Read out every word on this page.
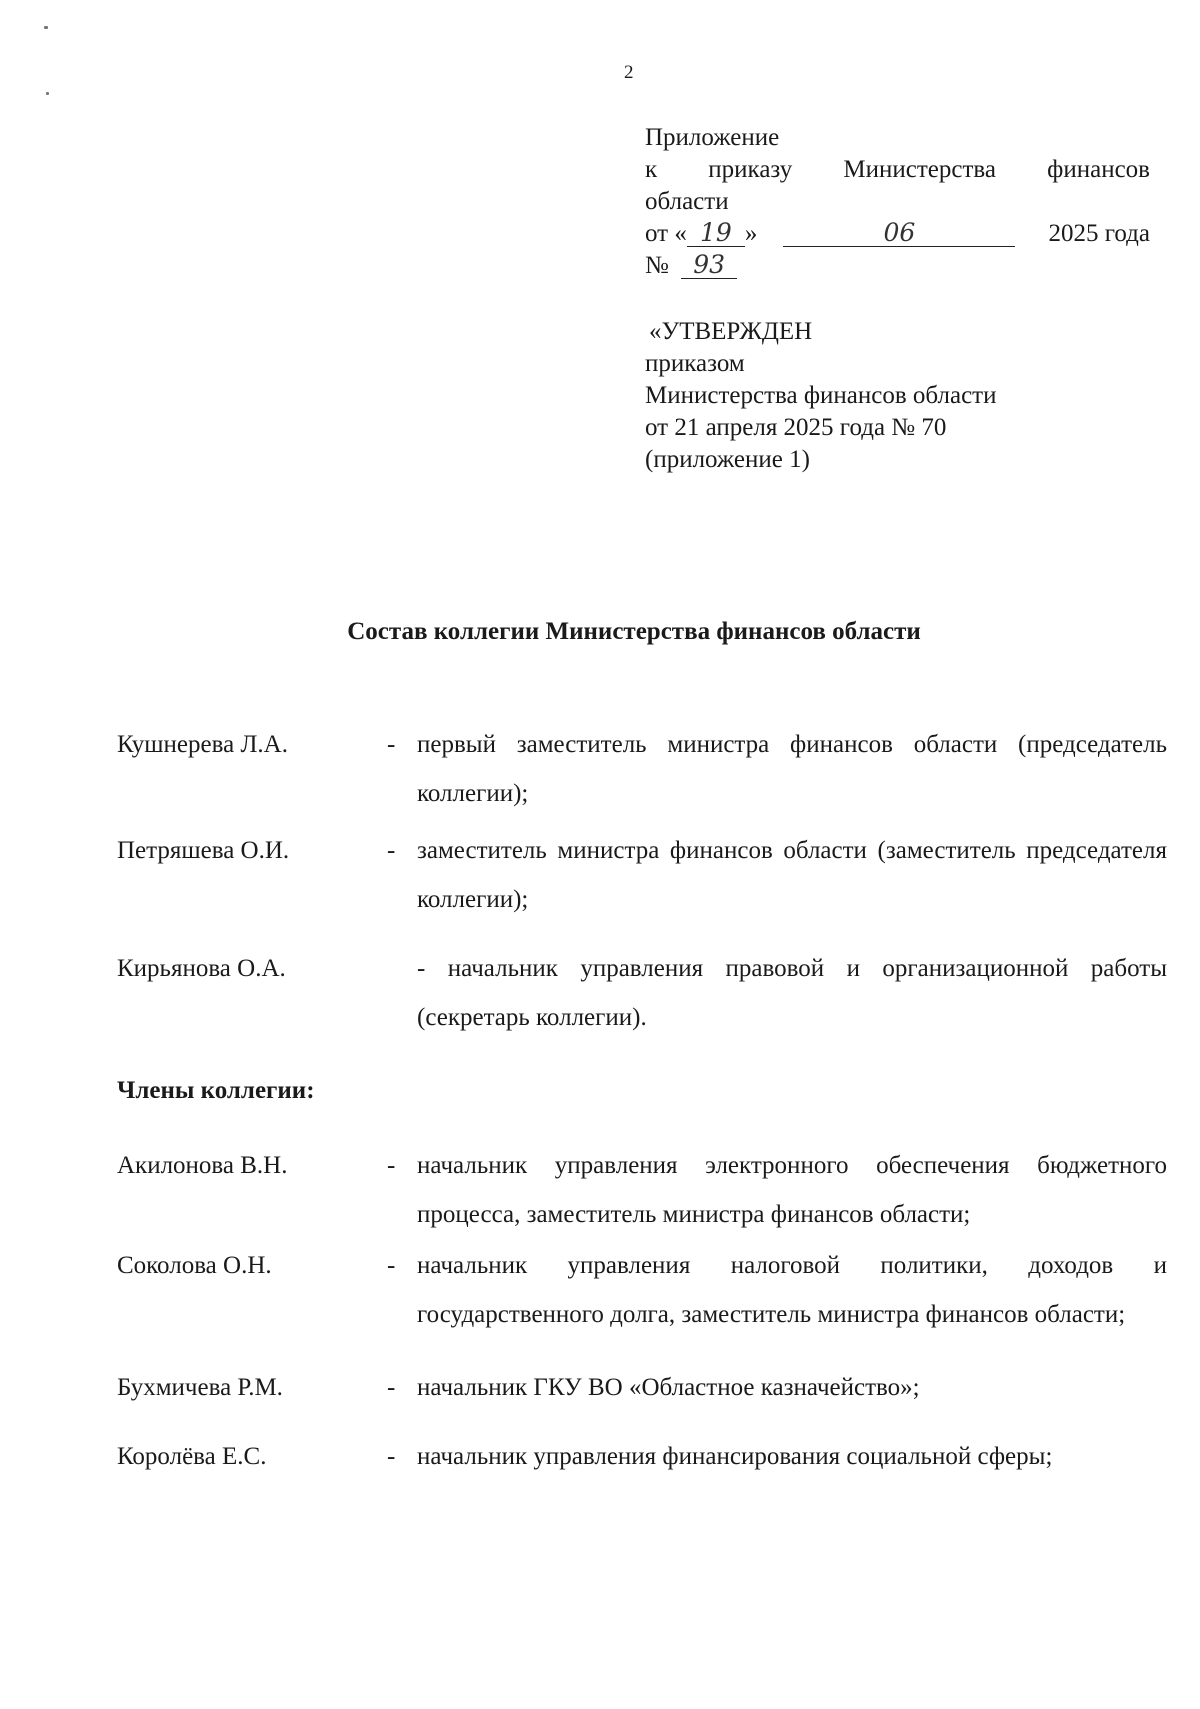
2
Приложение
к приказу Министерства финансов
области
от « 19 »	06	2025 года
№ 93
«УТВЕРЖДЕН
приказом
Министерства финансов области
от 21 апреля 2025 года № 70
(приложение 1)
Состав коллегии Министерства финансов области
Кушнерева Л.А.	- первый заместитель министра финансов области (председатель коллегии);
Петряшева О.И.	- заместитель министра финансов области (заместитель председателя коллегии);
Кирьянова О.А.	- начальник управления правовой и организационной работы (секретарь коллегии).
Члены коллегии:
Акилонова В.Н.	- начальник управления электронного обеспечения бюджетного процесса, заместитель министра финансов области;
Соколова О.Н.	- начальник управления налоговой политики, доходов и государственного долга, заместитель министра финансов области;
Бухмичева Р.М.	- начальник ГКУ ВО «Областное казначейство»;
Королёва Е.С.	- начальник управления финансирования социальной сферы;
